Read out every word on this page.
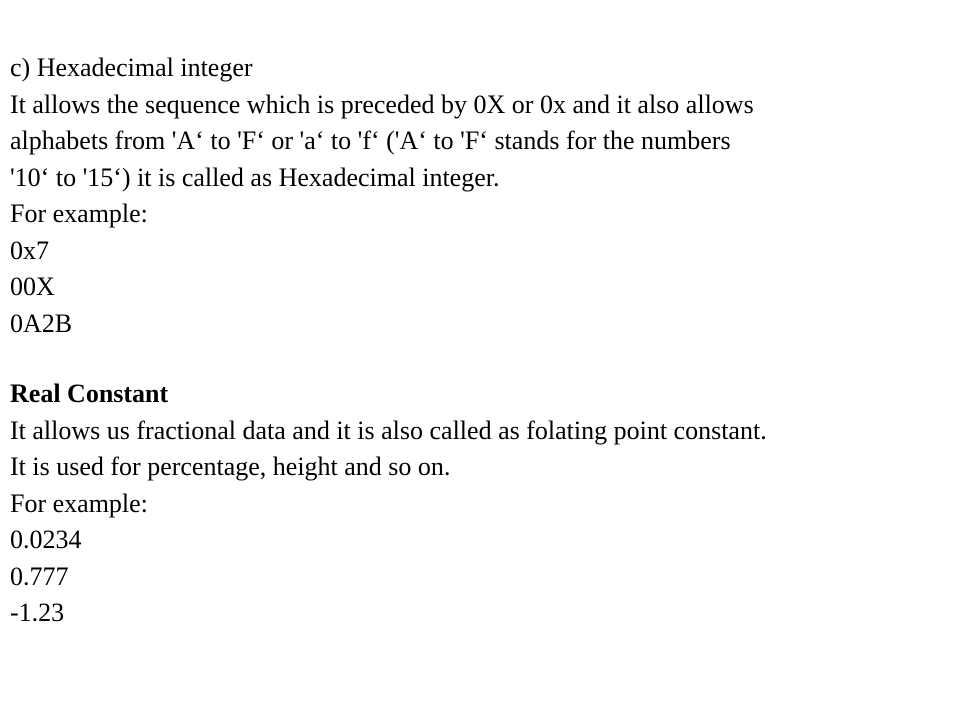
c) Hexadecimal integer
It allows the sequence which is preceded by 0X or 0x and it also allows
alphabets from 'A‘ to 'F‘ or 'a‘ to 'f‘ ('A‘ to 'F‘ stands for the numbers
'10‘ to '15‘) it is called as Hexadecimal integer.
For example:
0x7
00X
0A2B
Real Constant
It allows us fractional data and it is also called as folating point constant.
It is used for percentage, height and so on.
For example:
0.0234
0.777
-1.23
